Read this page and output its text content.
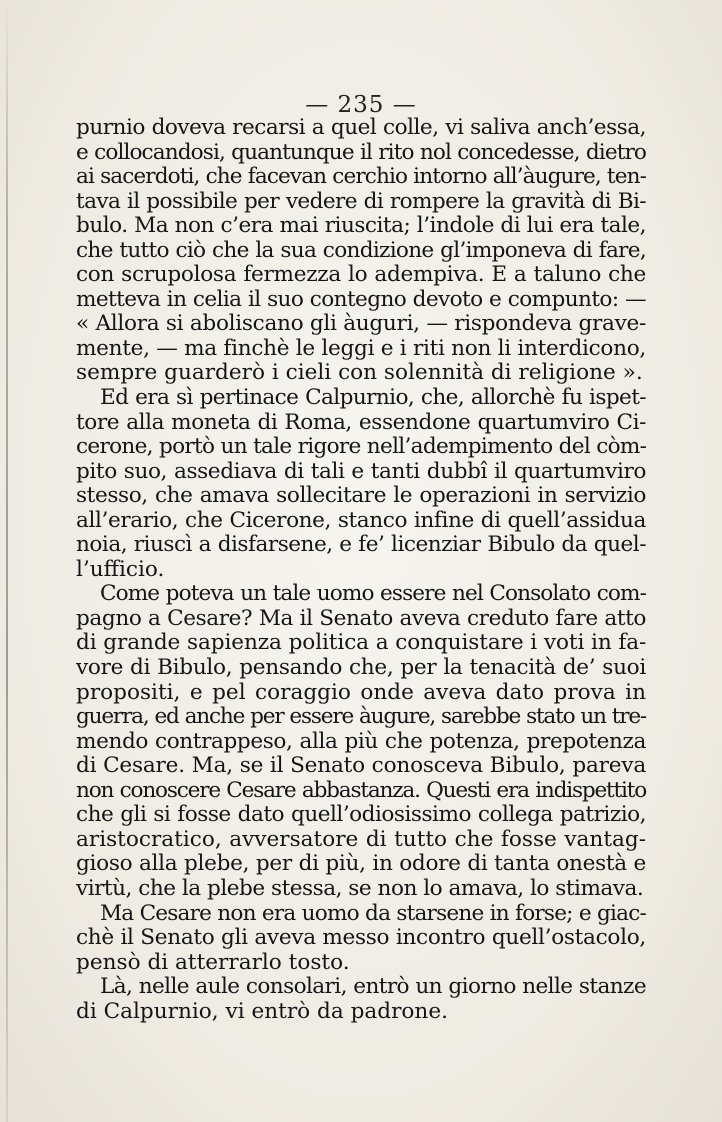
— 235 —
purnio doveva recarsi a quel colle, vi saliva anch’essa,
e collocandosi, quantunque il rito nol concedesse, dietro
ai sacerdoti, che facevan cerchio intorno all’àugure, ten-
tava il possibile per vedere di rompere la gravità di Bi-
bulo. Ma non c’era mai riuscita; l’indole di lui era tale,
che tutto ciò che la sua condizione gl’imponeva di fare,
con scrupolosa fermezza lo adempiva. E a taluno che
metteva in celia il suo contegno devoto e compunto: —
« Allora si aboliscano gli àuguri, — rispondeva grave-
mente, — ma finchè le leggi e i riti non li interdicono,
sempre guarderò i cieli con solennità di religione ».
Ed era sì pertinace Calpurnio, che, allorchè fu ispet-
tore alla moneta di Roma, essendone quartumviro Ci-
cerone, portò un tale rigore nell’adempimento del còm-
pito suo, assediava di tali e tanti dubbî il quartumviro
stesso, che amava sollecitare le operazioni in servizio
all’erario, che Cicerone, stanco infine di quell’assidua
noia, riuscì a disfarsene, e fe’ licenziar Bibulo da quel-
l’ufficio.
Come poteva un tale uomo essere nel Consolato com-
pagno a Cesare? Ma il Senato aveva creduto fare atto
di grande sapienza politica a conquistare i voti in fa-
vore di Bibulo, pensando che, per la tenacità de’ suoi
propositi, e pel coraggio onde aveva dato prova in
guerra, ed anche per essere àugure, sarebbe stato un tre-
mendo contrappeso, alla più che potenza, prepotenza
di Cesare. Ma, se il Senato conosceva Bibulo, pareva
non conoscere Cesare abbastanza. Questi era indispettito
che gli si fosse dato quell’odiosissimo collega patrizio,
aristocratico, avversatore di tutto che fosse vantag-
gioso alla plebe, per di più, in odore di tanta onestà e
virtù, che la plebe stessa, se non lo amava, lo stimava.
Ma Cesare non era uomo da starsene in forse; e giac-
chè il Senato gli aveva messo incontro quell’ostacolo,
pensò di atterrarlo tosto.
Là, nelle aule consolari, entrò un giorno nelle stanze
di Calpurnio, vi entrò da padrone.
